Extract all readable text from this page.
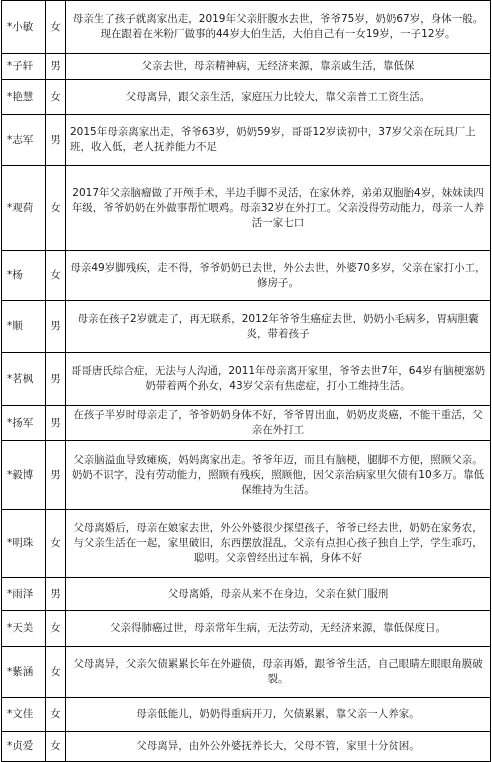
*小敏	女	母亲生了孩子就离家出走，2019年父亲肝腹水去世，爷爷75岁，奶奶67岁，身体一般。现在跟着在米粉厂做事的44岁大伯生活，大伯自己有一女19岁，一子12岁。
*子轩	男	父亲去世，母亲精神病，无经济来源，靠亲戚生活，靠低保
*艳慧	女	父母离异，跟父亲生活，家庭压力比较大，靠父亲普工工资生活。
*志军	男	2015年母亲离家出走，爷爷63岁，奶奶59岁，哥哥12岁读初中，37岁父亲在玩具厂上班，收入低，老人抚养能力不足
*观荷	女	2017年父亲脑瘤做了开颅手术，半边手脚不灵活，在家休养，弟弟双胞胎4岁，妹妹读四年级，爷爷奶奶在外做事帮忙喂鸡。母亲32岁在外打工。父亲没得劳动能力，母亲一人养活一家七口
*杨	女	母亲49岁脚残疾，走不得，爷爷奶奶已去世，外公去世，外婆70多岁，父亲在家打小工，修房子。
*顺	男	母亲在孩子2岁就走了，再无联系，2012年爷爷生癌症去世，奶奶小毛病多，胃病胆囊炎，带着孩子
*茗枫	男	哥哥唐氏综合症，无法与人沟通，2011年母亲离开家里，爷爷去世7年，64岁有脑梗塞奶奶带着两个孙女，43岁父亲有焦虑症，打小工维持生活。
*扬军	男	在孩子半岁时母亲走了，爷爷奶奶身体不好，爷爷胃出血，奶奶皮炎癌，不能干重活，父亲在外打工
*毅博	男	父亲脑溢血导致瘫痪，妈妈离家出走。爷爷年迈，而且有脑梗，腿脚不方便，照顾父亲。奶奶不识字，没有劳动能力，照顾有残疾，照顾他，因父亲治病家里欠债有10多万。靠低保维持为生活。
*明珠	女	父母离婚后，母亲在娘家去世，外公外婆很少探望孩子，爷爷已经去世，奶奶在家务农，与父亲生活在一起，家里破旧，东西摆放混乱，父亲有点担心孩子独自上学，学生乖巧，聪明。父亲曾经出过车祸，身体不好
*雨泽	男	父母离婚，母亲从来不在身边，父亲在狱门服刑
*天美	女	父亲得肺癌过世，母亲常年生病，无法劳动，无经济来源，靠低保度日。
*紫涵	女	父母离异，父亲欠债累累长年在外避债，母亲再婚，跟爷爷生活，自己眼睛左眼眼角膜破裂。
*文佳	女	母亲低能儿，奶奶得重病开刀，欠债累累，靠父亲一人养家。
*贞爱	女	父母离异，由外公外婆抚养长大，父母不管，家里十分贫困。
